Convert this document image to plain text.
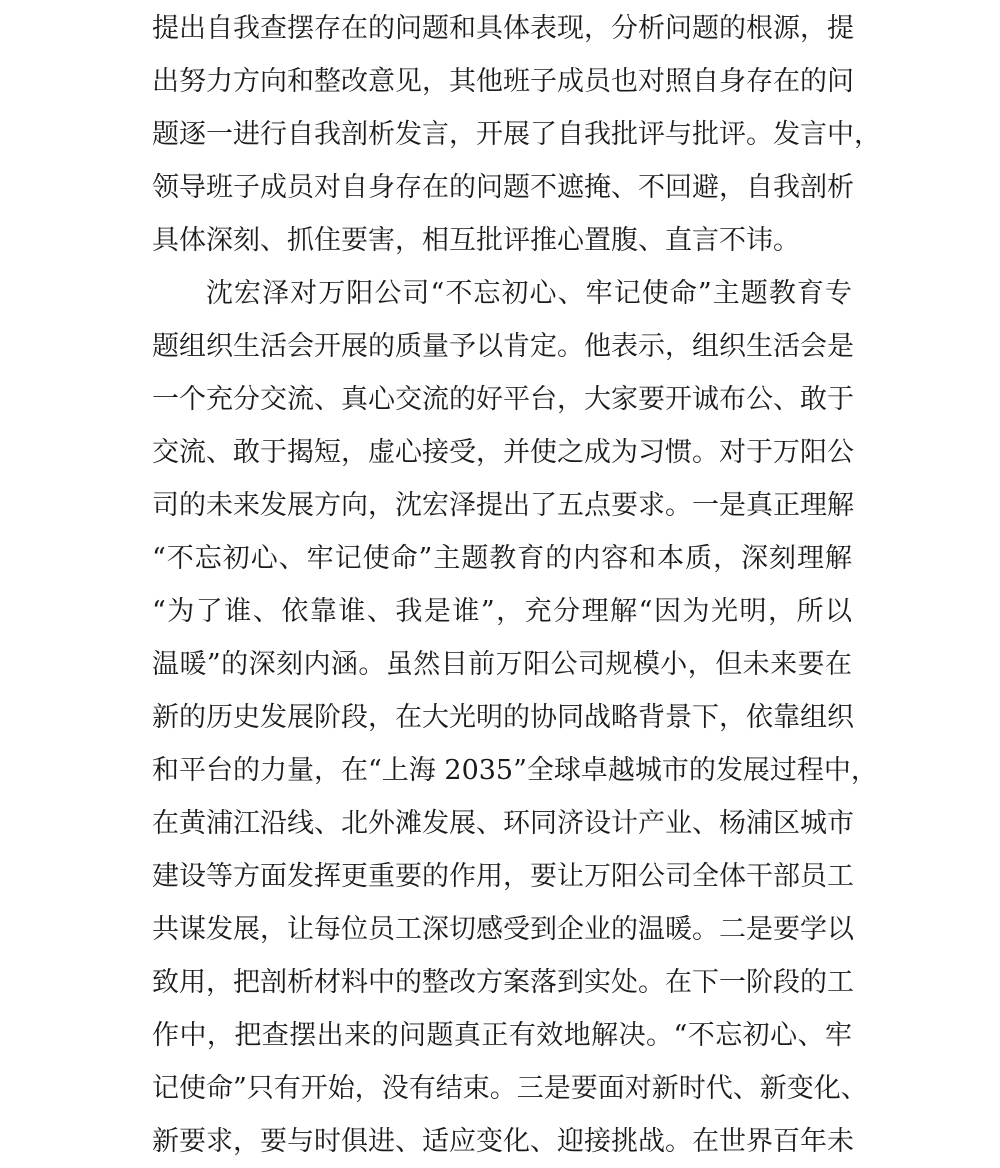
提出自我查摆存在的问题和具体表现，分析问题的根源，提
出努力方向和整改意见，其他班子成员也对照自身存在的问
题逐一进行自我剖析发言，开展了自我批评与批评。发言中，
领导班子成员对自身存在的问题不遮掩、不回避，自我剖析
具体深刻、抓住要害，相互批评推心置腹、直言不讳。
沈宏泽对万阳公司“不忘初心、牢记使命”主题教育专
题组织生活会开展的质量予以肯定。他表示，组织生活会是
一个充分交流、真心交流的好平台，大家要开诚布公、敢于
交流、敢于揭短，虚心接受，并使之成为习惯。对于万阳公
司的未来发展方向，沈宏泽提出了五点要求。一是真正理解
“不忘初心、牢记使命”主题教育的内容和本质，深刻理解
“为了谁、依靠谁、我是谁”，充分理解“因为光明，所以
温暖”的深刻内涵。虽然目前万阳公司规模小，但未来要在
新的历史发展阶段，在大光明的协同战略背景下，依靠组织
和平台的力量，在“上海 2035”全球卓越城市的发展过程中，
在黄浦江沿线、北外滩发展、环同济设计产业、杨浦区城市
建设等方面发挥更重要的作用，要让万阳公司全体干部员工
共谋发展，让每位员工深切感受到企业的温暖。二是要学以
致用，把剖析材料中的整改方案落到实处。在下一阶段的工
作中，把查摆出来的问题真正有效地解决。“不忘初心、牢
记使命”只有开始，没有结束。三是要面对新时代、新变化、
新要求，要与时俱进、适应变化、迎接挑战。在世界百年未
